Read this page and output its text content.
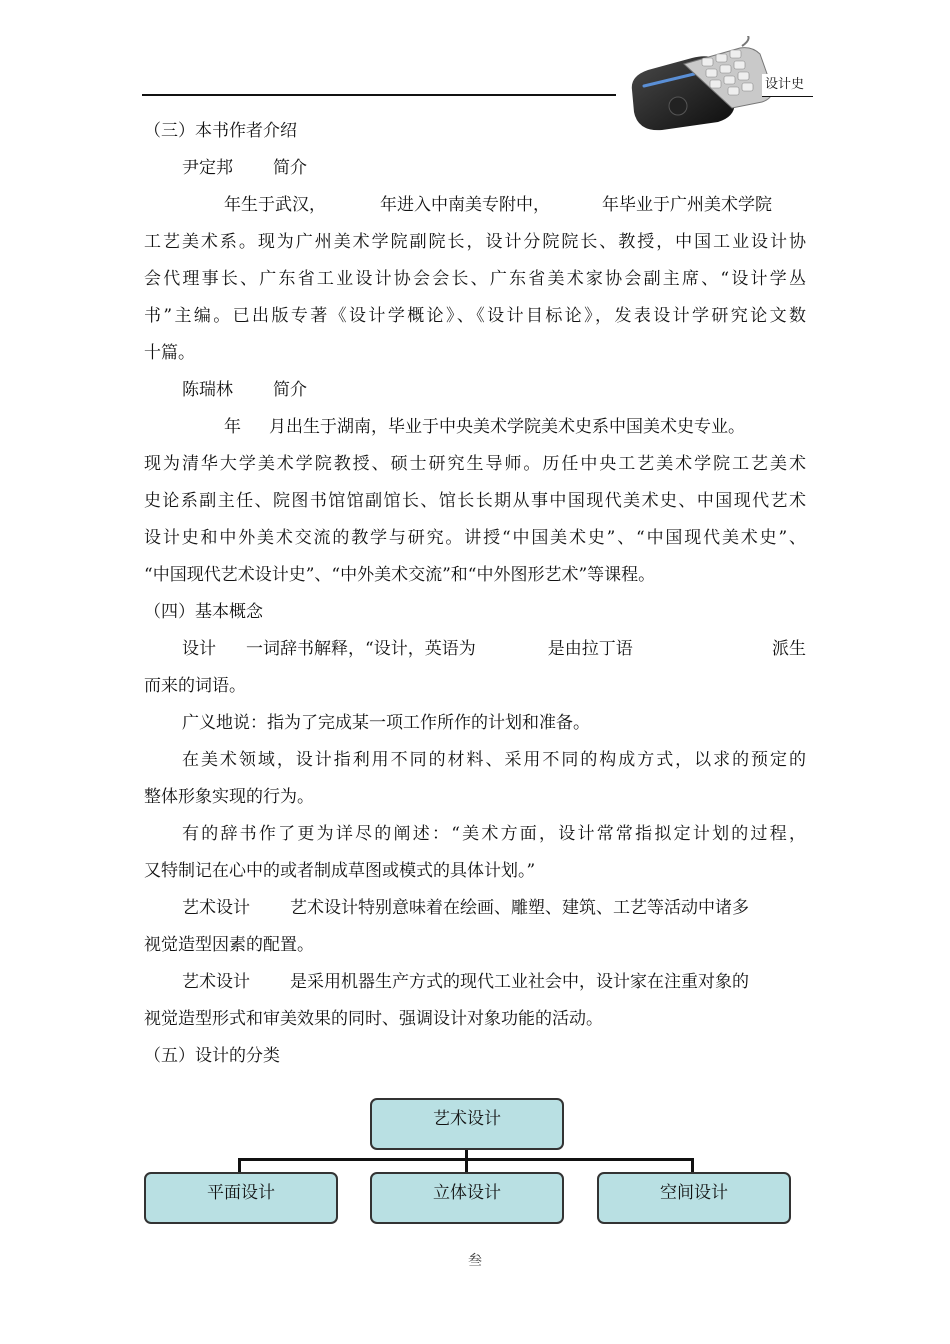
设计史
（三）本书作者介绍
尹定邦 简介
年生于武汉，	年进入中南美专附中，	年毕业于广州美术学院
工艺美术系。现为广州美术学院副院长，设计分院院长、教授，中国工业设计协
会代理事长、广东省工业设计协会会长、广东省美术家协会副主席、“设计学丛
书”主编。已出版专著《设计学概论》、《设计目标论》，发表设计学研究论文数
十篇。
陈瑞林 简介
年 月出生于湖南，毕业于中央美术学院美术史系中国美术史专业。
现为清华大学美术学院教授、硕士研究生导师。历任中央工艺美术学院工艺美术
史论系副主任、院图书馆馆副馆长、馆长长期从事中国现代美术史、中国现代艺术
设计史和中外美术交流的教学与研究。讲授“中国美术史”、“中国现代美术史”、
“中国现代艺术设计史”、“中外美术交流”和“中外图形艺术”等课程。
（四）基本概念
设计 一词辞书解释，“设计，英语为	是由拉丁语	派生
而来的词语。
广义地说：指为了完成某一项工作所作的计划和准备。
在美术领域，设计指利用不同的材料、采用不同的构成方式，以求的预定的
整体形象实现的行为。
有的辞书作了更为详尽的阐述：“美术方面，设计常常指拟定计划的过程，
又特制记在心中的或者制成草图或模式的具体计划。”
艺术设计 艺术设计特别意味着在绘画、雕塑、建筑、工艺等活动中诸多
视觉造型因素的配置。
艺术设计 是采用机器生产方式的现代工业社会中，设计家在注重对象的
视觉造型形式和审美效果的同时、强调设计对象功能的活动。
（五）设计的分类
艺术设计
平面设计	立体设计	空间设计
叁
